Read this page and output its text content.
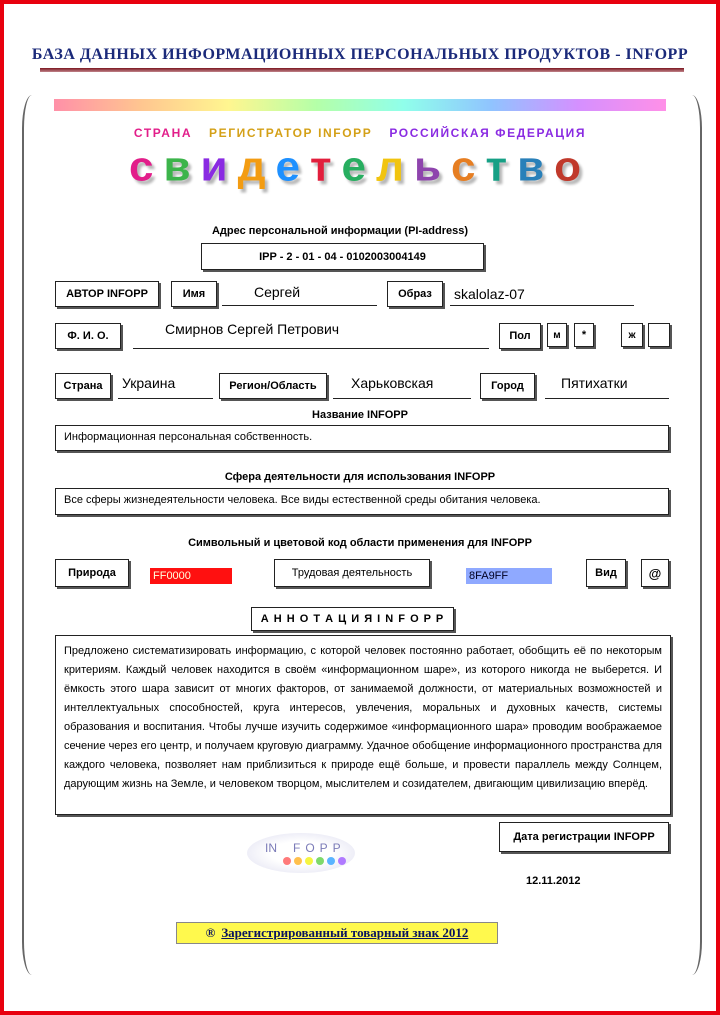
БАЗА ДАННЫХ ИНФОРМАЦИОННЫХ ПЕРСОНАЛЬНЫХ ПРОДУКТОВ - INFOPP
СТРАНА РЕГИСТРАТОР INFOPP РОССИЙСКАЯ ФЕДЕРАЦИЯ
свидетельство
Адрес персональной информации (PI-address)
IPP - 2 - 01 - 04 - 0102003004149
АВТОР INFOPP	Имя	Сергей	Образ	skalolaz-07
Ф. И. О.	Смирнов Сергей Петрович	Пол	м	*	ж
Страна	Украина	Регион/Область	Харьковская	Город	Пятихатки
Название INFOPP
Информационная персональная собственность.
Сфера деятельности для использования INFOPP
Все сферы жизнедеятельности человека. Все виды естественной среды обитания человека.
Символьный и цветовой код области применения для INFOPP
Природа	FF0000	Трудовая деятельность	8FA9FF	Вид	@
А Н Н О Т А Ц И Я I N F O P P
Предложено систематизировать информацию, с которой человек постоянно работает, обобщить её по некоторым критериям. Каждый человек находится в своём «информационном шаре», из которого никогда не выберется. И ёмкость этого шара зависит от многих факторов, от занимаемой должности, от материальных возможностей и интеллектуальных способностей, круга интересов, увлечения, моральных и духовных качеств, системы образования и воспитания. Чтобы лучше изучить содержимое «информационного шара» проводим воображаемое сечение через его центр, и получаем круговую диаграмму. Удачное обобщение информационного пространства для каждого человека, позволяет нам приблизиться к природе ещё больше, и провести параллель между Солнцем, дарующим жизнь на Земле, и человеком творцом, мыслителем и созидателем, двигающим цивилизацию вперёд.
Дата регистрации INFOPP
12.11.2012
IN FOPP
® Зарегистрированный товарный знак 2012
